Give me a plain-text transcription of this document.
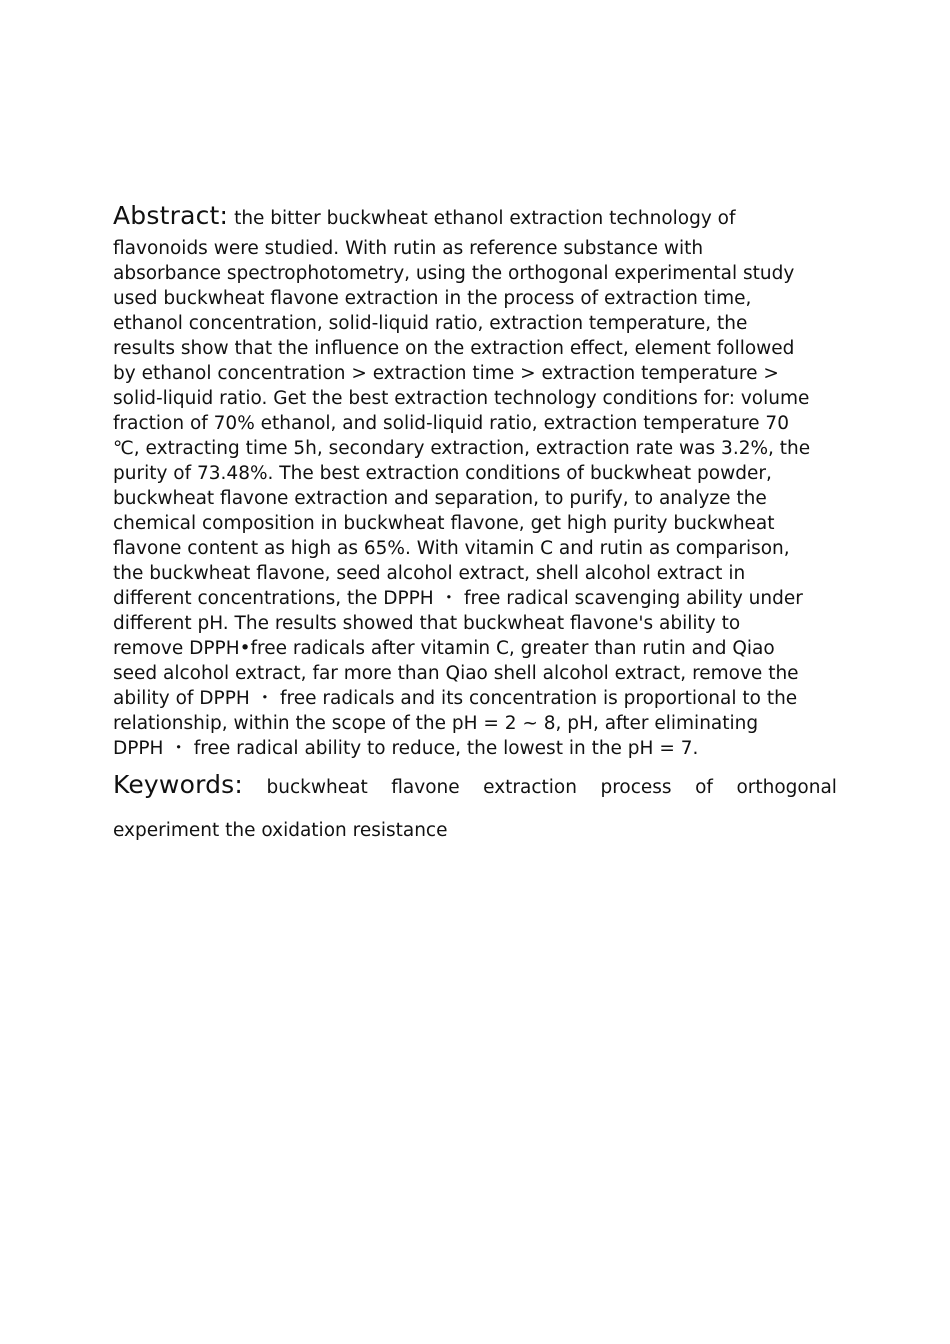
Abstract: the bitter buckwheat ethanol extraction technology of
flavonoids were studied. With rutin as reference substance with
absorbance spectrophotometry, using the orthogonal experimental study
used buckwheat flavone extraction in the process of extraction time,
ethanol concentration, solid-liquid ratio, extraction temperature, the
results show that the influence on the extraction effect, element followed
by ethanol concentration > extraction time > extraction temperature >
solid-liquid ratio. Get the best extraction technology conditions for: volume
fraction of 70% ethanol, and solid-liquid ratio, extraction temperature 70
℃, extracting time 5h, secondary extraction, extraction rate was 3.2%, the
purity of 73.48%. The best extraction conditions of buckwheat powder,
buckwheat flavone extraction and separation, to purify, to analyze the
chemical composition in buckwheat flavone, get high purity buckwheat
flavone content as high as 65%. With vitamin C and rutin as comparison,
the buckwheat flavone, seed alcohol extract, shell alcohol extract in
different concentrations, the DPPH ・ free radical scavenging ability under
different pH. The results showed that buckwheat flavone's ability to
remove DPPH•free radicals after vitamin C, greater than rutin and Qiao
seed alcohol extract, far more than Qiao shell alcohol extract, remove the
ability of DPPH ・ free radicals and its concentration is proportional to the
relationship, within the scope of the pH = 2 ~ 8, pH, after eliminating
DPPH ・ free radical ability to reduce, the lowest in the pH = 7.
Keywords: buckwheat flavone extraction process of orthogonal
experiment the oxidation resistance
